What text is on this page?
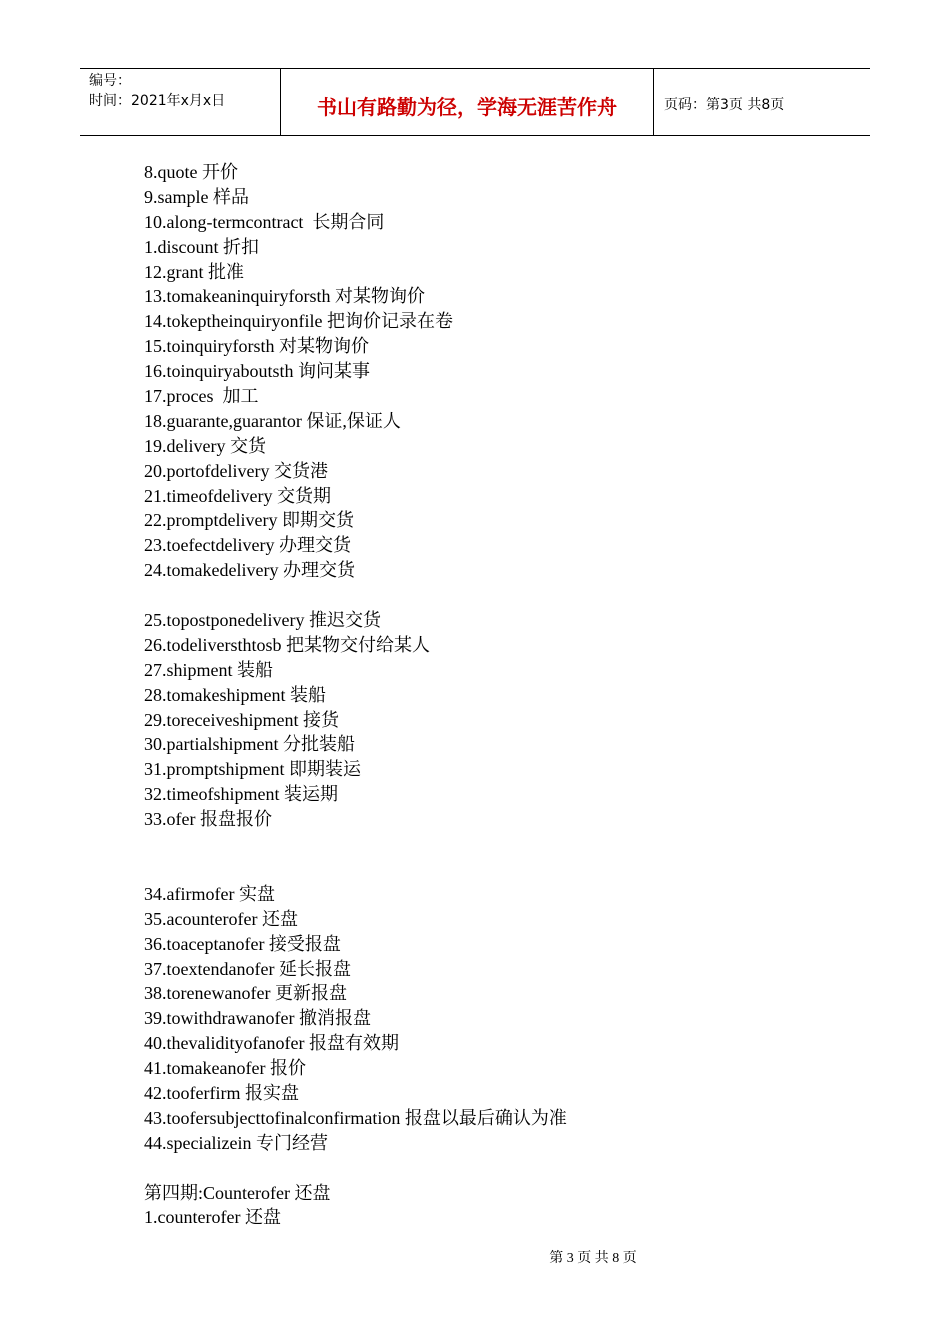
编号：
时间：2021年x月x日	书山有路勤为径，学海无涯苦作舟	页码：第3页 共8页
8.quote 开价
9.sample 样品
10.along-termcontract  长期合同
1.discount 折扣
12.grant 批准
13.tomakeaninquiryforsth 对某物询价
14.tokeptheinquiryonfile 把询价记录在卷
15.toinquiryforsth 对某物询价
16.toinquiryaboutsth 询问某事
17.proces  加工
18.guarante,guarantor 保证,保证人
19.delivery 交货
20.portofdelivery 交货港
21.timeofdelivery 交货期
22.promptdelivery 即期交货
23.toefectdelivery 办理交货
24.tomakedelivery 办理交货
25.topostponedelivery 推迟交货
26.todeliversthtosb 把某物交付给某人
27.shipment 装船
28.tomakeshipment 装船
29.toreceiveshipment 接货
30.partialshipment 分批装船
31.promptshipment 即期装运
32.timeofshipment 装运期
33.ofer 报盘报价
34.afirmofer 实盘
35.acounterofer 还盘
36.toaceptanofer 接受报盘
37.toextendanofer 延长报盘
38.torenewanofer 更新报盘
39.towithdrawanofer 撤消报盘
40.thevalidityofanofer 报盘有效期
41.tomakeanofer 报价
42.tooferfirm 报实盘
43.toofersubjecttofinalconfirmation 报盘以最后确认为准
44.specializein 专门经营
第四期:Counterofer 还盘
1.counterofer 还盘
第 3 页 共 8 页
